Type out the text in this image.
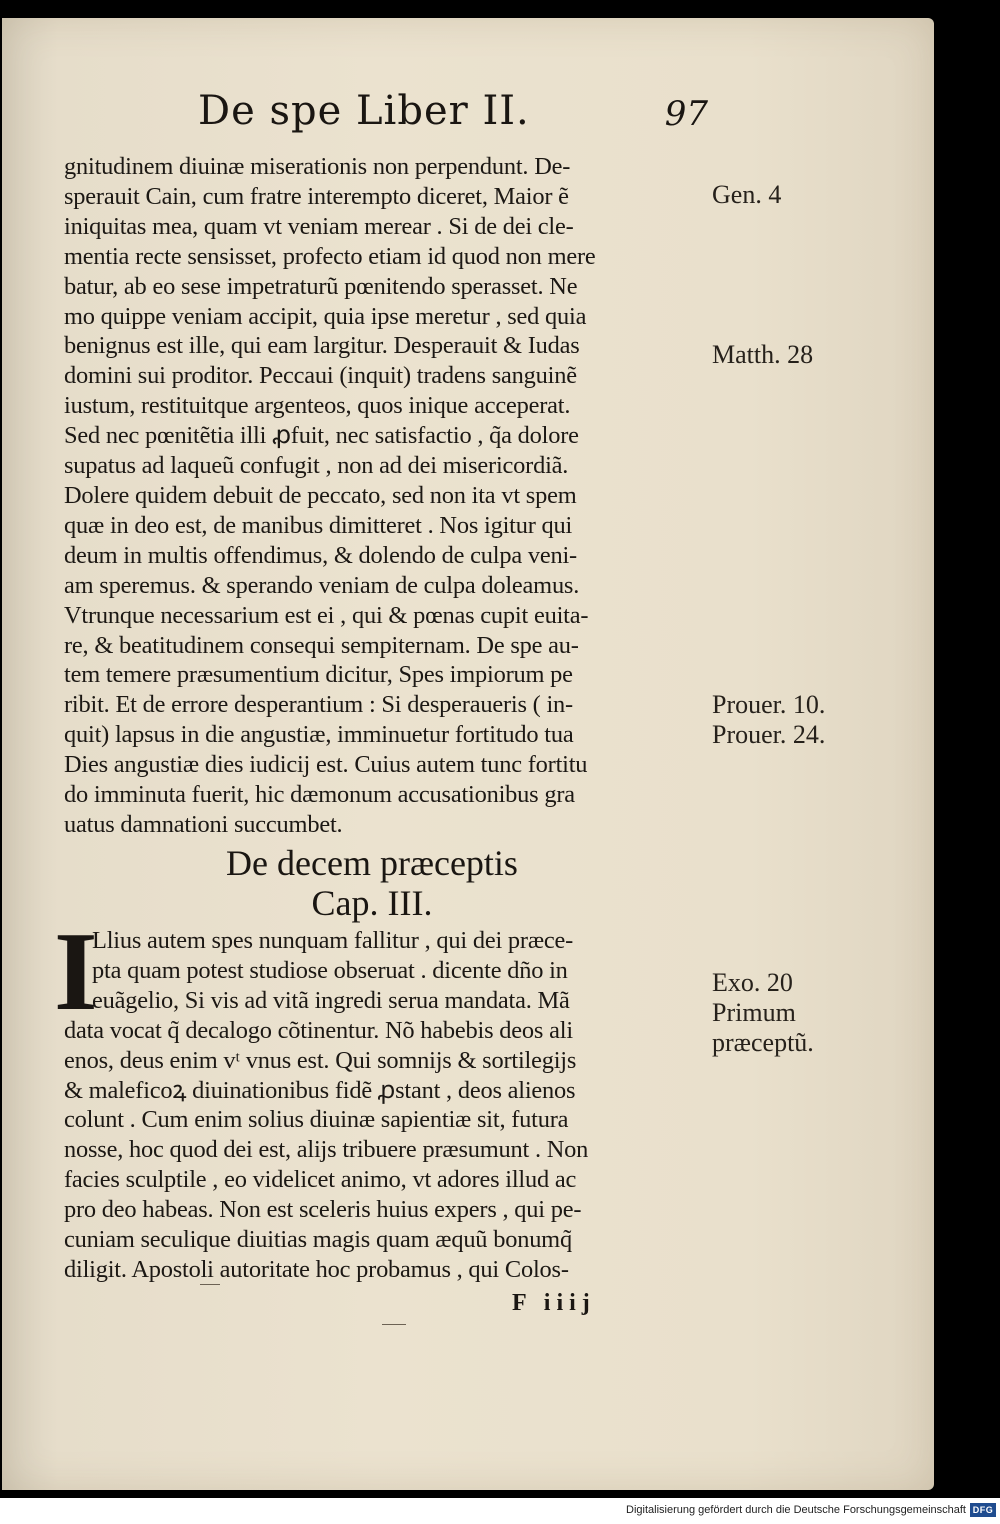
De spe Liber II.	97
gnitudinem diuinæ miserationis non perpendunt. De-
sperauit Cain, cum fratre interempto diceret, Maior ẽ
iniquitas mea, quam vt veniam merear . Si de dei cle-
mentia recte sensisset, profecto etiam id quod non mere
batur, ab eo sese impetraturũ pœnitendo sperasset. Ne
mo quippe veniam accipit, quia ipse meretur , sed quia
benignus est ille, qui eam largitur. Desperauit & Iudas
domini sui proditor. Peccaui (inquit) tradens sanguinẽ
iustum, restituitque argenteos, quos inique acceperat.
Sed nec pœnitẽtia illi ꝓfuit, nec satisfactio , q̃a dolore
supatus ad laqueũ confugit , non ad dei misericordiã.
Dolere quidem debuit de peccato, sed non ita vt spem
quæ in deo est, de manibus dimitteret . Nos igitur qui
deum in multis offendimus, & dolendo de culpa veni-
am speremus. & sperando veniam de culpa doleamus.
Vtrunque necessarium est ei , qui & pœnas cupit euita-
re, & beatitudinem consequi sempiternam. De spe au-
tem temere præsumentium dicitur, Spes impiorum pe
ribit. Et de errore desperantium : Si desperaueris ( in-
quit) lapsus in die angustiæ, imminuetur fortitudo tua
Dies angustiæ dies iudicij est. Cuius autem tunc fortitu
do imminuta fuerit, hic dæmonum accusationibus gra
uatus damnationi succumbet.
De decem præceptis
Cap. III.
I
Llius autem spes nunquam fallitur , qui dei præce-
pta quam potest studiose obseruat . dicente dño in
euãgelio, Si vis ad vitã ingredi serua mandata. Mã
data vocat q̃ decalogo cõtinentur. Nõ habebis deos ali
enos, deus enim vᵗ vnus est. Qui somnijs & sortilegijs
& maleficoꝝ diuinationibus fidẽ ꝓstant , deos alienos
colunt . Cum enim solius diuinæ sapientiæ sit, futura
nosse, hoc quod dei est, alijs tribuere præsumunt . Non
facies sculptile , eo videlicet animo, vt adores illud ac
pro deo habeas. Non est sceleris huius expers , qui pe-
cuniam seculique diuitias magis quam æquũ bonumq̃
diligit. Apostoli autoritate hoc probamus , qui Colos-
Gen. 4
Matth. 28
Prouer. 10.
Prouer. 24.
Exo. 20
Primum
præceptũ.
F iiij
Digitalisierung gefördert durch die Deutsche Forschungsgemeinschaft DFG
